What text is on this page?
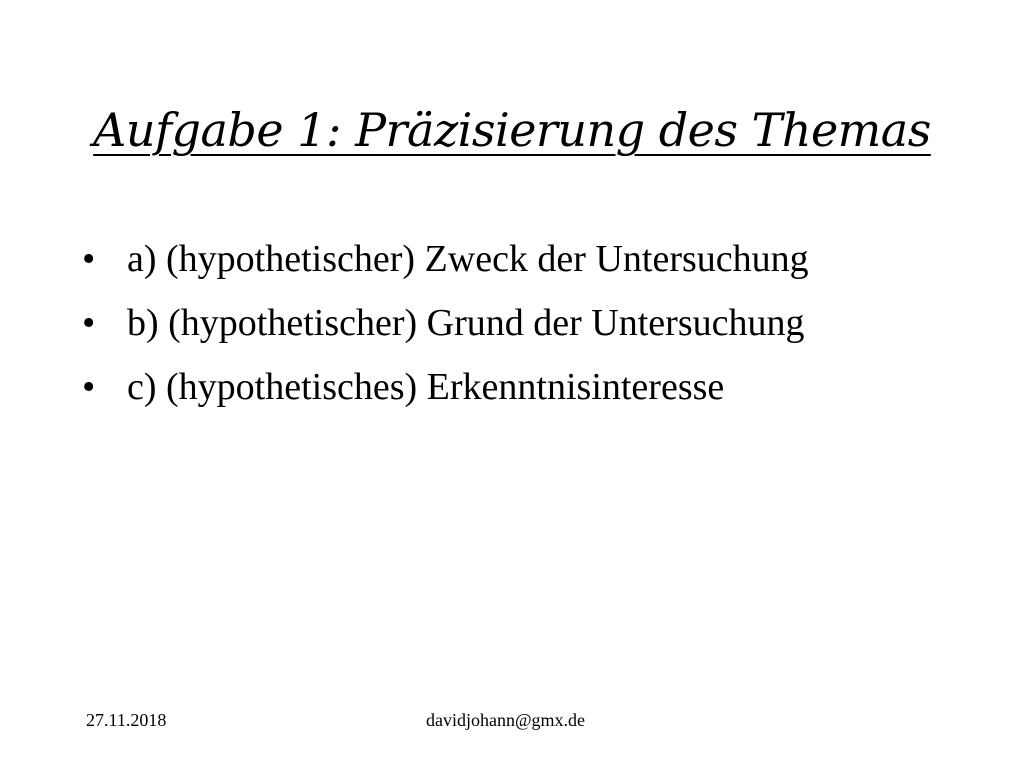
Aufgabe 1: Präzisierung des Themas
• a) (hypothetischer) Zweck der Untersuchung
• b) (hypothetischer) Grund der Untersuchung
• c) (hypothetisches) Erkenntnisinteresse
27.11.2018	davidjohann@gmx.de
